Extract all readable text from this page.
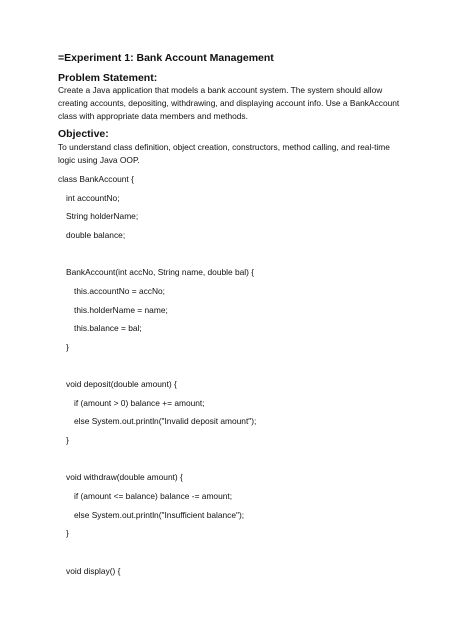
=Experiment 1: Bank Account Management
Problem Statement:
Create a Java application that models a bank account system. The system should allow
creating accounts, depositing, withdrawing, and displaying account info. Use a BankAccount
class with appropriate data members and methods.
Objective:
To understand class definition, object creation, constructors, method calling, and real-time
logic using Java OOP.
class BankAccount {
int accountNo;
String holderName;
double balance;
BankAccount(int accNo, String name, double bal) {
this.accountNo = accNo;
this.holderName = name;
this.balance = bal;
}
void deposit(double amount) {
if (amount > 0) balance += amount;
else System.out.println("Invalid deposit amount");
}
void withdraw(double amount) {
if (amount <= balance) balance -= amount;
else System.out.println("Insufficient balance");
}
void display() {
